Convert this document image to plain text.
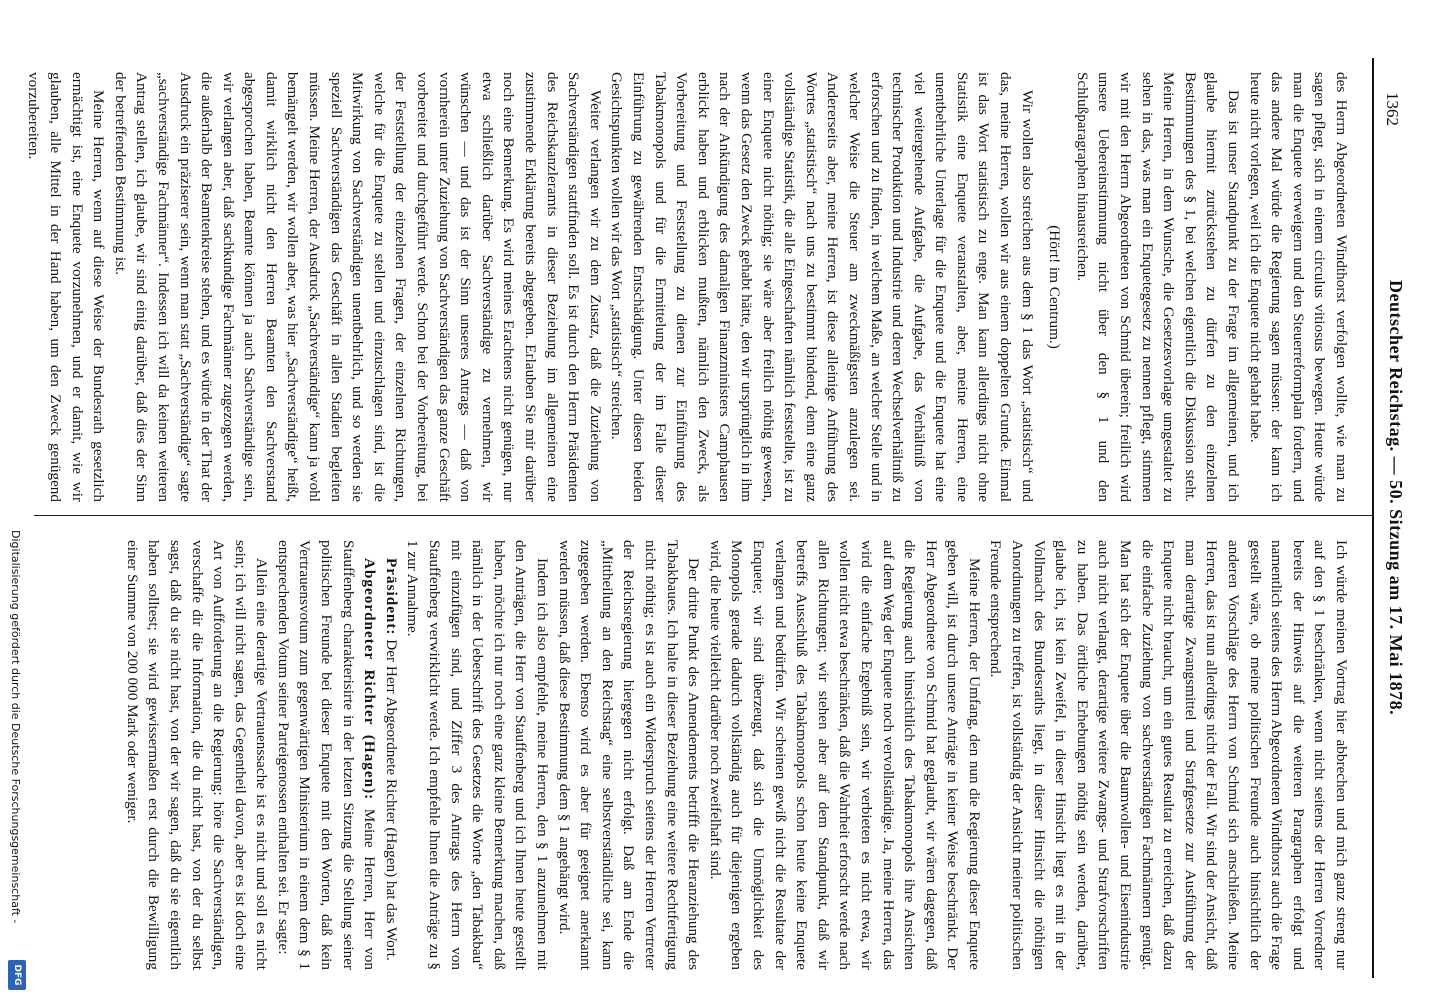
1362
Deutscher Reichstag. — 50. Sitzung am 17. Mai 1878.

des Herrn Abgeordneten Windthorst verfolgen wollte, wie man zu sagen pflegt, sich in einem circulus vitiosus bewegen. Heute würde man die Enquete verweigern und den Steuerreformplan fordern, und das andere Mal würde die Regierung sagen müssen: der kann ich heute nicht vorlegen, weil ich die Enquete nicht gehabt habe.

Das ist unser Standpunkt zu der Frage im allgemeinen, und ich glaube hiermit zurückstehen zu dürfen zu den einzelnen Bestimmungen des § 1, bei welchen eigentlich die Diskussion steht. Meine Herren, in dem Wunsche, die Gesetzesvorlage umgestaltet zu sehen in das, was man ein Enquetegesetz zu nennen pflegt, stimmen wir mit den Herrn Abgeordneten von Schmid überein; freilich wird unsere Uebereinstimmung nicht über den § 1 und den Schlußparagraphen hinausreichen.

(Hört! im Centrum.)

Wir wollen also streichen aus dem § 1 das Wort „statistisch“ und das, meine Herren, wollen wir aus einem doppelten Grunde. Einmal ist das Wort statistisch zu enge. Man kann allerdings nicht ohne Statistik eine Enquete veranstalten, aber, meine Herren, eine unentbehrliche Unterlage für die Enquete und die Enquete hat eine viel weitergehende Aufgabe, die Aufgabe, das Verhältniß von technischer Produktion und Industrie und deren Wechselverhältniß zu erforschen und zu finden, in welchem Maße, an welcher Stelle und in welcher Weise die Steuer am zweckmäßigsten anzulegen sei. Andererseits aber, meine Herren, ist diese alleinige Anführung des Wortes „statistisch“ nach uns zu bestimmt bindend, denn eine ganz vollständige Statistik, die alle Eingeschaften nämlich feststellte, ist zu einer Enquete nicht nöthig; sie wäre aber freilich nöthig gewesen, wenn das Gesetz den Zweck gehabt hätte, den wir ursprünglich in ihm nach der Ankündigung des damaligen Finanzministers Camphausen erblickt haben und erblicken mußten, nämlich den Zweck, als Vorbereitung und Feststellung zu dienen zur Einführung des Tabakmonopols und für die Ermittelung der im Falle dieser Einführung zu gewährenden Entschädigung. Unter diesen beiden Gesichtspunkten wollen wir das Wort „statistisch“ streichen.

Weiter verlangen wir zu dem Zusatz, daß die Zuziehung von Sachverständigen stattfinden soll. Es ist durch den Herrn Präsidenten des Reichskanzleramts in dieser Beziehung im allgemeinen eine zustimmende Erklärung bereits abgegeben. Erlauben Sie mir darüber noch eine Bemerkung. Es wird meines Erachtens nicht genügen, nur etwa schließlich darüber Sachverständige zu vernehmen, wir wünschen — und das ist der Sinn unseres Antrags — daß von vornherein unter Zuziehung von Sachverständigen das ganze Geschäft vorbereitet und durchgeführt werde. Schon bei der Vorbereitung, bei der Feststellung der einzelnen Fragen, der einzelnen Richtungen, welche für die Enquete zu stellen und einzuschlagen sind, ist die Mitwirkung von Sachverständigen unentbehrlich, und so werden sie speziell Sachverständigen das Geschäft in allen Stadien begleiten müssen. Meine Herren, der Ausdruck „Sachverständige“ kann ja wohl bemängelt werden, wir wollen aber, was hier „Sachverständige“ heißt, damit wirklich nicht den Herren Beamten den Sachverstand abgesprochen haben, Beamte können ja auch Sachverständige sein, wir verlangen aber, daß sachkundige Fachmänner zugezogen werden, die außerhalb der Beamtenkreise stehen, und es würde in der That der Ausdruck ein präziserer sein, wenn man statt „Sachverständige“ sagte „sachverständige Fachmänner“. Indessen ich will da keinen weiteren Antrag stellen, ich glaube, wir sind einig darüber, daß dies der Sinn der betreffenden Bestimmung ist.

Meine Herren, wenn auf diese Weise der Bundesrath gesetzlich ermächtigt ist, eine Enquete vorzunehmen, und er damit, wie wir glauben, alle Mittel in der Hand haben, um den Zweck genügend vorzubereiten.

Ich würde meinen Vortrag hier abbrechen und mich ganz streng nur auf den § 1 beschränken, wenn nicht seitens der Herren Vorredner bereits der Hinweis auf die weiteren Paragraphen erfolgt und namentlich seitens des Herrn Abgeordneten Windthorst auch die Frage gestellt wäre, ob meine politischen Freunde auch hinsichtlich der anderen Vorschläge des Herrn von Schmid sich anschließen. Meine Herren, das ist nun allerdings nicht der Fall. Wir sind der Ansicht, daß man derartige Zwangsmittel und Strafgesetze zur Ausführung der Enquete nicht braucht, um ein gutes Resultat zu erreichen, daß dazu die einfache Zuziehung von sachverständigen Fachmännern genügt. Man hat sich der Enquete über die Baumwollen- und Eisenindustrie auch nicht verlangt, derartige weitere Zwangs- und Strafvorschriften zu haben. Das örtliche Erhebungen nöthig sein werden, darüber, glaube ich, ist kein Zweifel, in dieser Hinsicht liegt es mit in der Vollmacht des Bundesraths liegt, in dieser Hinsicht die nöthigen Anordnungen zu treffen, ist vollständig der Ansicht meiner politischen Freunde entsprechend.

Meine Herren, der Umfang, den nun die Regierung dieser Enquete geben will, ist durch unsere Anträge in keiner Weise beschränkt. Der Herr Abgeordnete von Schmid hat geglaubt, wir wären dagegen, daß die Regierung auch hinsichtlich des Tabakmonopols ihre Ansichten auf dem Weg der Enquete noch vervollständige. Ja, meine Herren, das wird die einfache Ergebniß sein, wir verbieten es nicht etwa, wir wollen nicht etwa beschränken, daß die Wahrheit erforscht werde nach allen Richtungen; wir stehen aber auf dem Standpunkt, daß wir betreffs Ausschluß des Tabakmonopols schon heute keine Enquete verlangen und bedürfen. Wir scheinen gewiß nicht die Resultate der Enquete; wir sind überzeugt, daß sich die Unmöglichkeit des Monopols gerade dadurch vollständig auch für diejenigen ergeben wird, die heute vielleicht darüber noch zweifelhaft sind.

Der dritte Punkt des Amendements betrifft die Heranziehung des Tabakbaues. Ich halte in dieser Beziehung eine weitere Rechtfertigung nicht nöthig; es ist auch ein Widerspruch seitens der Herren Vertreter der Reichsregierung hiergegen nicht erfolgt. Daß am Ende die „Mittheilung an den Reichstag“ eine selbstverständliche sei, kann zugegeben werden. Ebenso wird es aber für geeignet anerkannt werden müssen, daß diese Bestimmung dem § 1 angehängt wird.

Indem ich also empfehle, meine Herren, den § 1 anzunehmen mit den Anträgen, die Herr von Stauffenberg und ich Ihnen heute gestellt haben, möchte ich nur noch eine ganz kleine Bemerkung machen, daß nämlich in der Ueberschrift des Gesetzes die Worte „den Tabakbau“ mit einzufügen sind, und Ziffer 3 des Antrags des Herrn von Stauffenberg verwirklicht werde. Ich empfehle Ihnen die Anträge zu § 1 zur Annahme.

Präsident: Der Herr Abgeordnete Richter (Hagen) hat das Wort.

Abgeordneter Richter (Hagen): Meine Herren, Herr von Stauffenberg charakterisirte in der letzten Sitzung die Stellung seiner politischen Freunde bei dieser Enquete mit den Worten, daß kein Vertrauensvotum zum gegenwärtigen Ministerium in einem dem § 1 entsprechenden Votum seiner Parteigenossen enthalten sei. Er sagte:

Allein eine derartige Vertrauenssache ist es nicht und soll es nicht sein; ich will nicht sagen, das Gegentheil davon, aber es ist doch eine Art von Aufforderung an die Regierung: höre die Sachverständigen, verschaffe dir die Information, die du nicht hast, von der du selbst sagst, daß du sie nicht hast, von der wir sagen, daß du sie eigentlich haben solltest; sie wird gewissermaßen erst durch die Bewilligung einer Summe von 200 000 Mark oder weniger.

Digitalisierung gefördert durch die Deutsche Forschungsgemeinschaft -
DFG
